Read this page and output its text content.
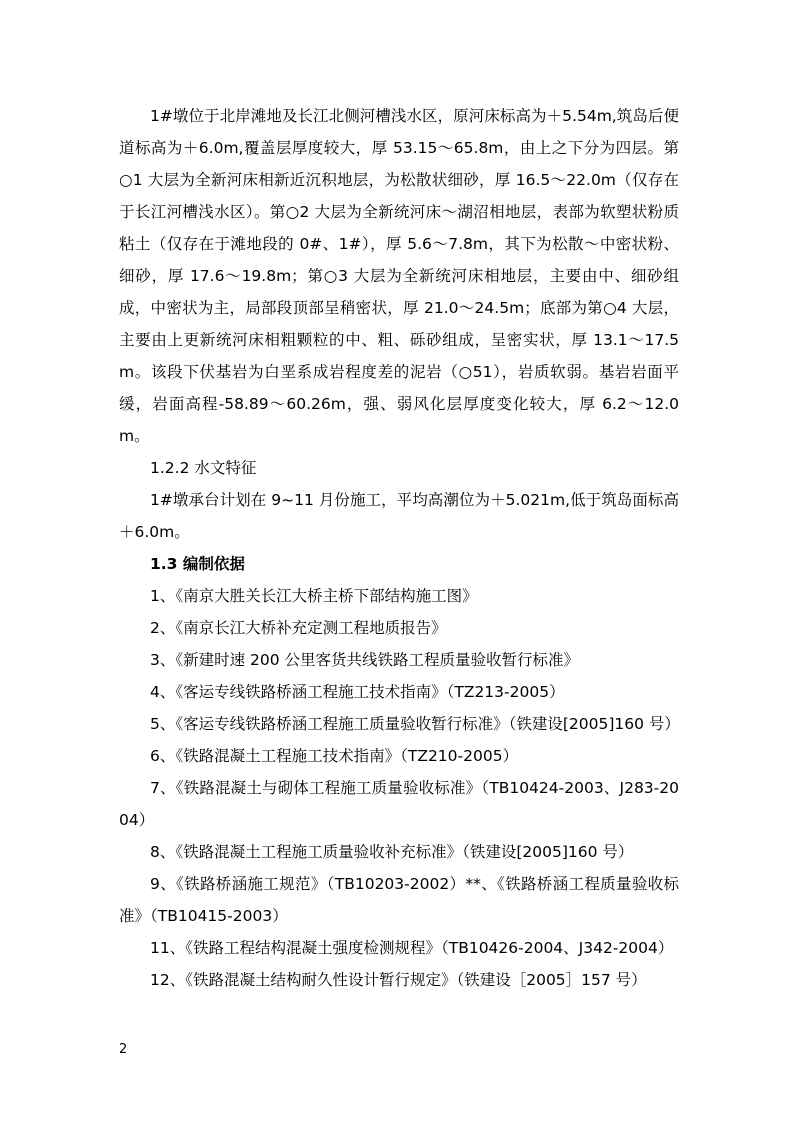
1#墩位于北岸滩地及长江北侧河槽浅水区，原河床标高为＋5.54m,筑岛后便道标高为＋6.0m,覆盖层厚度较大，厚 53.15～65.8m，由上之下分为四层。第○1 大层为全新河床相新近沉积地层，为松散状细砂，厚 16.5～22.0m（仅存在于长江河槽浅水区）。第○2 大层为全新统河床～湖沼相地层，表部为软塑状粉质粘土（仅存在于滩地段的 0#、1#），厚 5.6～7.8m，其下为松散～中密状粉、细砂，厚 17.6～19.8m；第○3 大层为全新统河床相地层，主要由中、细砂组成，中密状为主，局部段顶部呈稍密状，厚 21.0～24.5m；底部为第○4 大层，主要由上更新统河床相粗颗粒的中、粗、砾砂组成，呈密实状，厚 13.1～17.5m。该段下伏基岩为白垩系成岩程度差的泥岩（○51），岩质软弱。基岩岩面平缓，岩面高程-58.89～60.26m，强、弱风化层厚度变化较大，厚 6.2～12.0m。

1.2.2 水文特征

1#墩承台计划在 9~11 月份施工，平均高潮位为＋5.021m,低于筑岛面标高＋6.0m。

1.3 编制依据

1、《南京大胜关长江大桥主桥下部结构施工图》

2、《南京长江大桥补充定测工程地质报告》

3、《新建时速 200 公里客货共线铁路工程质量验收暂行标准》

4、《客运专线铁路桥涵工程施工技术指南》（TZ213-2005）

5、《客运专线铁路桥涵工程施工质量验收暂行标准》（铁建设[2005]160 号）

6、《铁路混凝土工程施工技术指南》（TZ210-2005）

7、《铁路混凝土与砌体工程施工质量验收标准》（TB10424-2003、J283-2004）

8、《铁路混凝土工程施工质量验收补充标准》（铁建设[2005]160 号）

9、《铁路桥涵施工规范》（TB10203-2002）**、《铁路桥涵工程质量验收标准》（TB10415-2003）

11、《铁路工程结构混凝土强度检测规程》（TB10426-2004、J342-2004）

12、《铁路混凝土结构耐久性设计暂行规定》（铁建设［2005］157 号）

2
